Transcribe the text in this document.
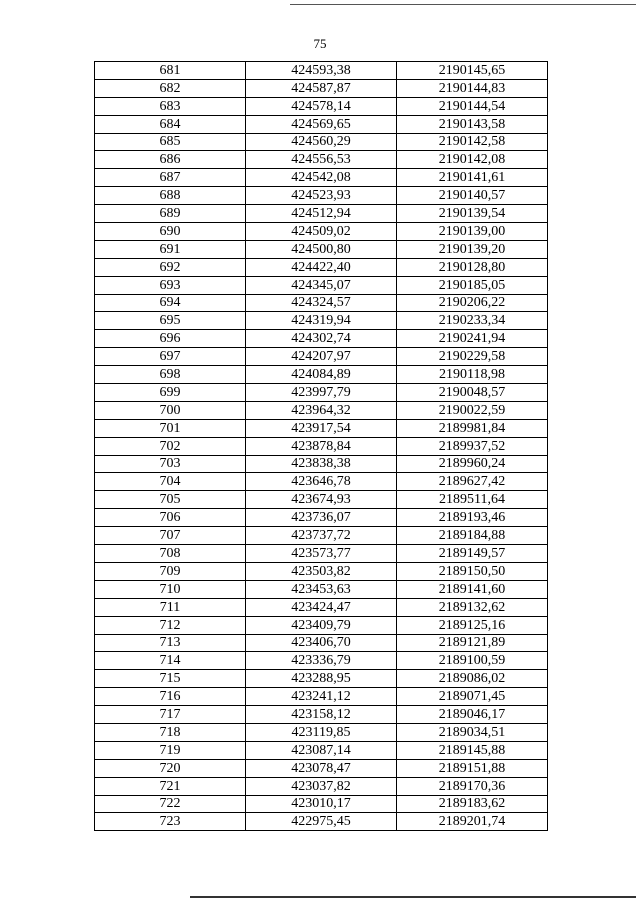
75
681	424593,38	2190145,65
682	424587,87	2190144,83
683	424578,14	2190144,54
684	424569,65	2190143,58
685	424560,29	2190142,58
686	424556,53	2190142,08
687	424542,08	2190141,61
688	424523,93	2190140,57
689	424512,94	2190139,54
690	424509,02	2190139,00
691	424500,80	2190139,20
692	424422,40	2190128,80
693	424345,07	2190185,05
694	424324,57	2190206,22
695	424319,94	2190233,34
696	424302,74	2190241,94
697	424207,97	2190229,58
698	424084,89	2190118,98
699	423997,79	2190048,57
700	423964,32	2190022,59
701	423917,54	2189981,84
702	423878,84	2189937,52
703	423838,38	2189960,24
704	423646,78	2189627,42
705	423674,93	2189511,64
706	423736,07	2189193,46
707	423737,72	2189184,88
708	423573,77	2189149,57
709	423503,82	2189150,50
710	423453,63	2189141,60
711	423424,47	2189132,62
712	423409,79	2189125,16
713	423406,70	2189121,89
714	423336,79	2189100,59
715	423288,95	2189086,02
716	423241,12	2189071,45
717	423158,12	2189046,17
718	423119,85	2189034,51
719	423087,14	2189145,88
720	423078,47	2189151,88
721	423037,82	2189170,36
722	423010,17	2189183,62
723	422975,45	2189201,74
